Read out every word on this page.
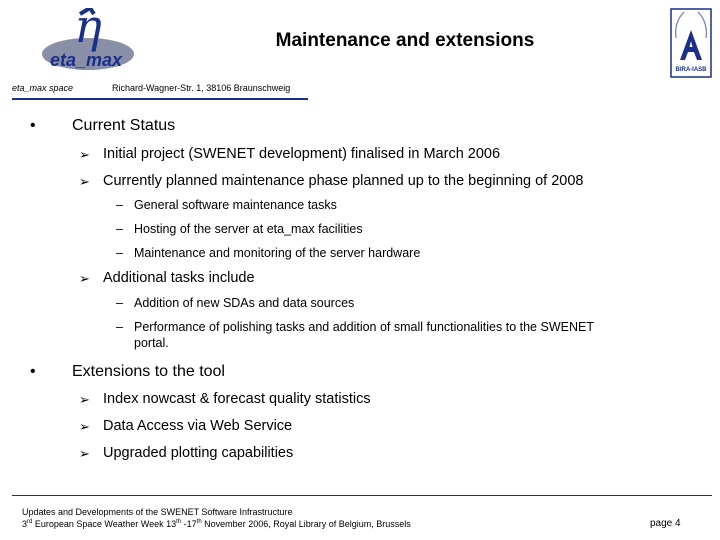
η
eta_max
eta_max space	Richard-Wagner-Str. 1, 38106 Braunschweig
Maintenance and extensions
BIRA-IASB
• Current Status
➢ Initial project (SWENET development) finalised in March 2006
➢ Currently planned maintenance phase planned up to the beginning of 2008
– General software maintenance tasks
– Hosting of the server at eta_max facilities
– Maintenance and monitoring of the server hardware
➢ Additional tasks include
– Addition of new SDAs and data sources
– Performance of polishing tasks and addition of small functionalities to the SWENET
portal.
• Extensions to the tool
➢ Index nowcast & forecast quality statistics
➢ Data Access via Web Service
➢ Upgraded plotting capabilities
Updates and Developments of the SWENET Software Infrastructure
3rd European Space Weather Week 13th -17th November 2006, Royal Library of Belgium, Brussels	page 4
